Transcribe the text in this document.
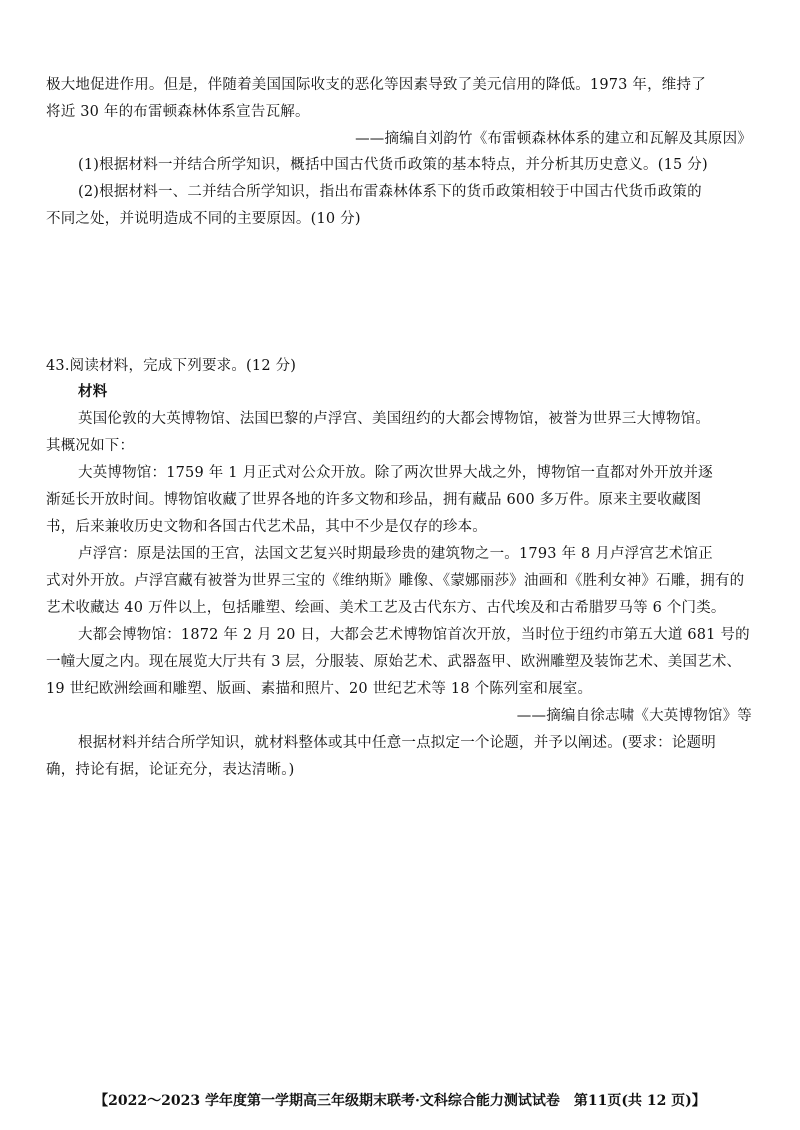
极大地促进作用。但是，伴随着美国国际收支的恶化等因素导致了美元信用的降低。1973 年，维持了
将近 30 年的布雷顿森林体系宣告瓦解。
——摘编自刘韵竹《布雷顿森林体系的建立和瓦解及其原因》
(1)根据材料一并结合所学知识，概括中国古代货币政策的基本特点，并分析其历史意义。(15 分)
(2)根据材料一、二并结合所学知识，指出布雷森林体系下的货币政策相较于中国古代货币政策的
不同之处，并说明造成不同的主要原因。(10 分)
43.阅读材料，完成下列要求。(12 分)
材料
英国伦敦的大英博物馆、法国巴黎的卢浮宫、美国纽约的大都会博物馆，被誉为世界三大博物馆。
其概况如下：
大英博物馆：1759 年 1 月正式对公众开放。除了两次世界大战之外，博物馆一直都对外开放并逐
渐延长开放时间。博物馆收藏了世界各地的许多文物和珍品，拥有藏品 600 多万件。原来主要收藏图
书，后来兼收历史文物和各国古代艺术品，其中不少是仅存的珍本。
卢浮宫：原是法国的王宫，法国文艺复兴时期最珍贵的建筑物之一。1793 年 8 月卢浮宫艺术馆正
式对外开放。卢浮宫藏有被誉为世界三宝的《维纳斯》雕像、《蒙娜丽莎》油画和《胜利女神》石雕，拥有的
艺术收藏达 40 万件以上，包括雕塑、绘画、美术工艺及古代东方、古代埃及和古希腊罗马等 6 个门类。
大都会博物馆：1872 年 2 月 20 日，大都会艺术博物馆首次开放，当时位于纽约市第五大道 681 号的
一幢大厦之内。现在展览大厅共有 3 层，分服装、原始艺术、武器盔甲、欧洲雕塑及装饰艺术、美国艺术、
19 世纪欧洲绘画和雕塑、版画、素描和照片、20 世纪艺术等 18 个陈列室和展室。
——摘编自徐志啸《大英博物馆》等
根据材料并结合所学知识，就材料整体或其中任意一点拟定一个论题，并予以阐述。(要求：论题明
确，持论有据，论证充分，表达清晰。)
【2022～2023 学年度第一学期高三年级期末联考·文科综合能力测试试卷　第11页(共 12 页)】
